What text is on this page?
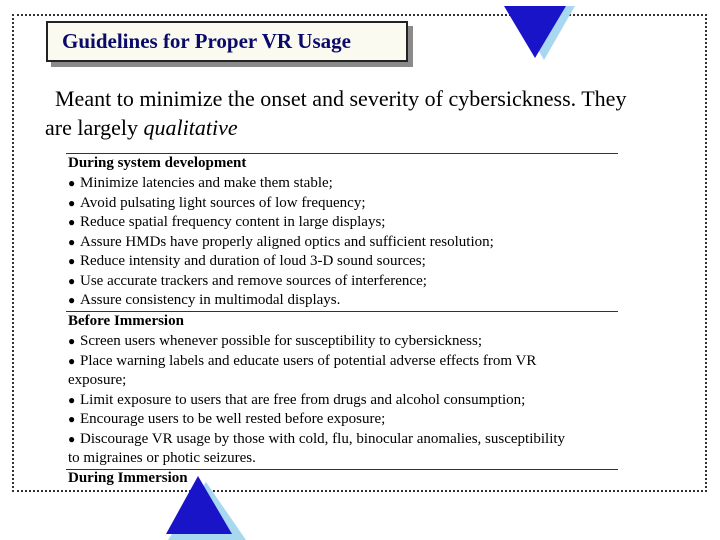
Guidelines for Proper VR Usage
Meant to minimize the onset and severity of cybersickness. They
are largely qualitative
During system development
● Minimize latencies and make them stable;
● Avoid pulsating light sources of low frequency;
● Reduce spatial frequency content in large displays;
● Assure HMDs have properly aligned optics and sufficient resolution;
● Reduce intensity and duration of loud 3-D sound sources;
● Use accurate trackers and remove sources of interference;
● Assure consistency in multimodal displays.
Before Immersion
● Screen users whenever possible for susceptibility to cybersickness;
● Place warning labels and educate users of potential adverse effects from VR
exposure;
● Limit exposure to users that are free from drugs and alcohol consumption;
● Encourage users to be well rested before exposure;
● Discourage VR usage by those with cold, flu, binocular anomalies, susceptibility
to migraines or photic seizures.
During Immersion
